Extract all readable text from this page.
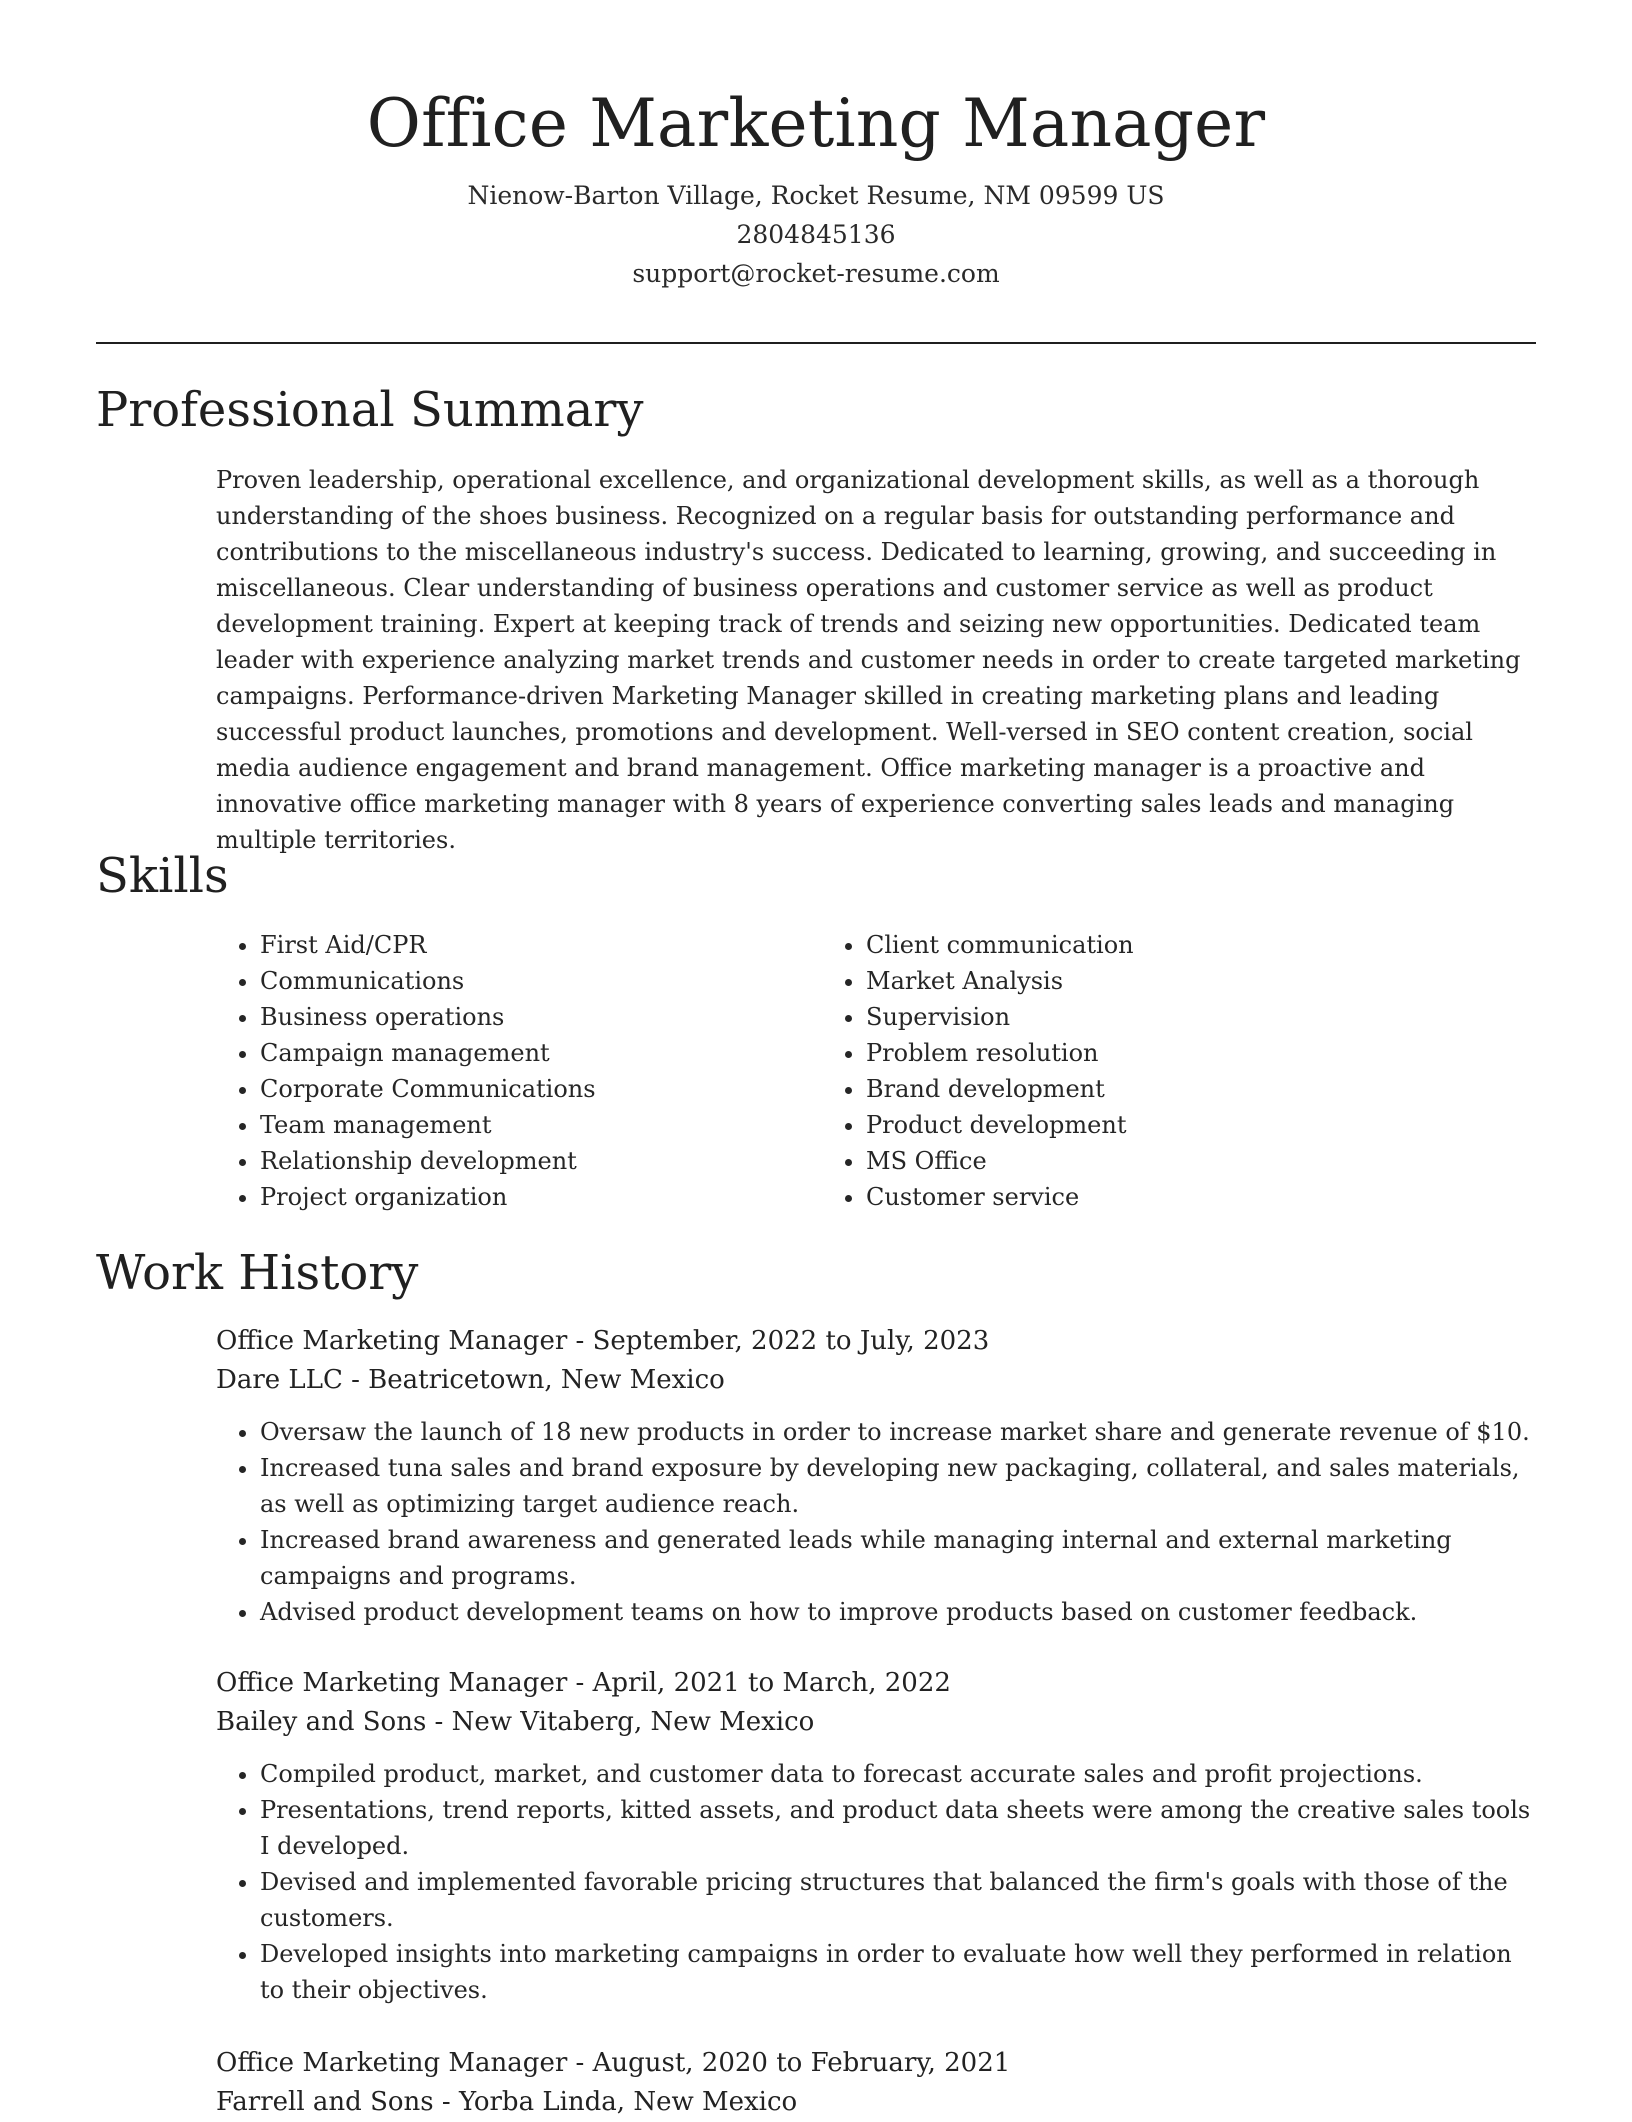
Office Marketing Manager
Nienow-Barton Village, Rocket Resume, NM 09599 US
2804845136
support@rocket-resume.com
Professional Summary
Proven leadership, operational excellence, and organizational development skills, as well as a thorough understanding of the shoes business. Recognized on a regular basis for outstanding performance and contributions to the miscellaneous industry's success. Dedicated to learning, growing, and succeeding in miscellaneous. Clear understanding of business operations and customer service as well as product development training. Expert at keeping track of trends and seizing new opportunities. Dedicated team leader with experience analyzing market trends and customer needs in order to create targeted marketing campaigns. Performance-driven Marketing Manager skilled in creating marketing plans and leading successful product launches, promotions and development. Well-versed in SEO content creation, social media audience engagement and brand management. Office marketing manager is a proactive and innovative office marketing manager with 8 years of experience converting sales leads and managing multiple territories.
Skills
• First Aid/CPR
• Communications
• Business operations
• Campaign management
• Corporate Communications
• Team management
• Relationship development
• Project organization
• Client communication
• Market Analysis
• Supervision
• Problem resolution
• Brand development
• Product development
• MS Office
• Customer service
Work History
Office Marketing Manager - September, 2022 to July, 2023
Dare LLC - Beatricetown, New Mexico
• Oversaw the launch of 18 new products in order to increase market share and generate revenue of $10.
• Increased tuna sales and brand exposure by developing new packaging, collateral, and sales materials, as well as optimizing target audience reach.
• Increased brand awareness and generated leads while managing internal and external marketing campaigns and programs.
• Advised product development teams on how to improve products based on customer feedback.
Office Marketing Manager - April, 2021 to March, 2022
Bailey and Sons - New Vitaberg, New Mexico
• Compiled product, market, and customer data to forecast accurate sales and profit projections.
• Presentations, trend reports, kitted assets, and product data sheets were among the creative sales tools I developed.
• Devised and implemented favorable pricing structures that balanced the firm's goals with those of the customers.
• Developed insights into marketing campaigns in order to evaluate how well they performed in relation to their objectives.
Office Marketing Manager - August, 2020 to February, 2021
Farrell and Sons - Yorba Linda, New Mexico
